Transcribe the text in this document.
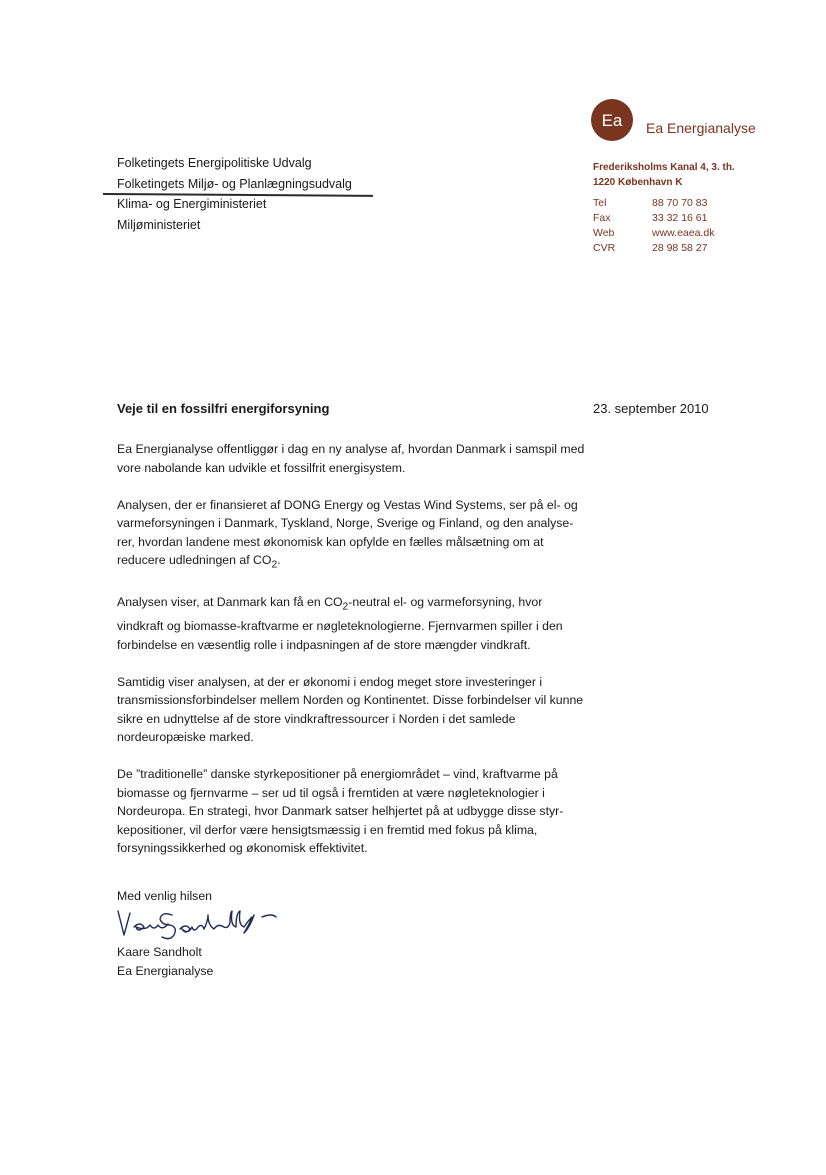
Ea Ea Energianalyse
Frederiksholms Kanal 4, 3. th.
1220 København K
Tel	88 70 70 83
Fax	33 32 16 61
Web	www.eaea.dk
CVR	28 98 58 27
Folketingets Energipolitiske Udvalg
Folketingets Miljø- og Planlægningsudvalg
Klima- og Energiministeriet
Miljøministeriet
Veje til en fossilfri energiforsyning	23. september 2010

Ea Energianalyse offentliggør i dag en ny analyse af, hvordan Danmark i samspil med vore nabolande kan udvikle et fossilfrit energisystem.

Analysen, der er finansieret af DONG Energy og Vestas Wind Systems, ser på el- og varmeforsyningen i Danmark, Tyskland, Norge, Sverige og Finland, og den analyse-rer, hvordan landene mest økonomisk kan opfylde en fælles målsætning om at reducere udledningen af $CO_2$.

Analysen viser, at Danmark kan få en $CO_2$-neutral el- og varmeforsyning, hvor vindkraft og biomasse-kraftvarme er nøgleteknologierne. Fjernvarmen spiller i den forbindelse en væsentlig rolle i indpasningen af de store mængder vindkraft.

Samtidig viser analysen, at der er økonomi i endog meget store investeringer i transmissionsforbindelser mellem Norden og Kontinentet. Disse forbindelser vil kunne sikre en udnyttelse af de store vindkraftressourcer i Norden i det samlede nordeuropæiske marked.

De ”traditionelle” danske styrkepositioner på energiområdet – vind, kraftvarme på biomasse og fjernvarme – ser ud til også i fremtiden at være nøgleteknologier i Nordeuropa. En strategi, hvor Danmark satser helhjertet på at udbygge disse styr-kepositioner, vil derfor være hensigtsmæssig i en fremtid med fokus på klima, forsyningssikkerhed og økonomisk effektivitet.

Med venlig hilsen
Kaare Sandholt
Ea Energianalyse
